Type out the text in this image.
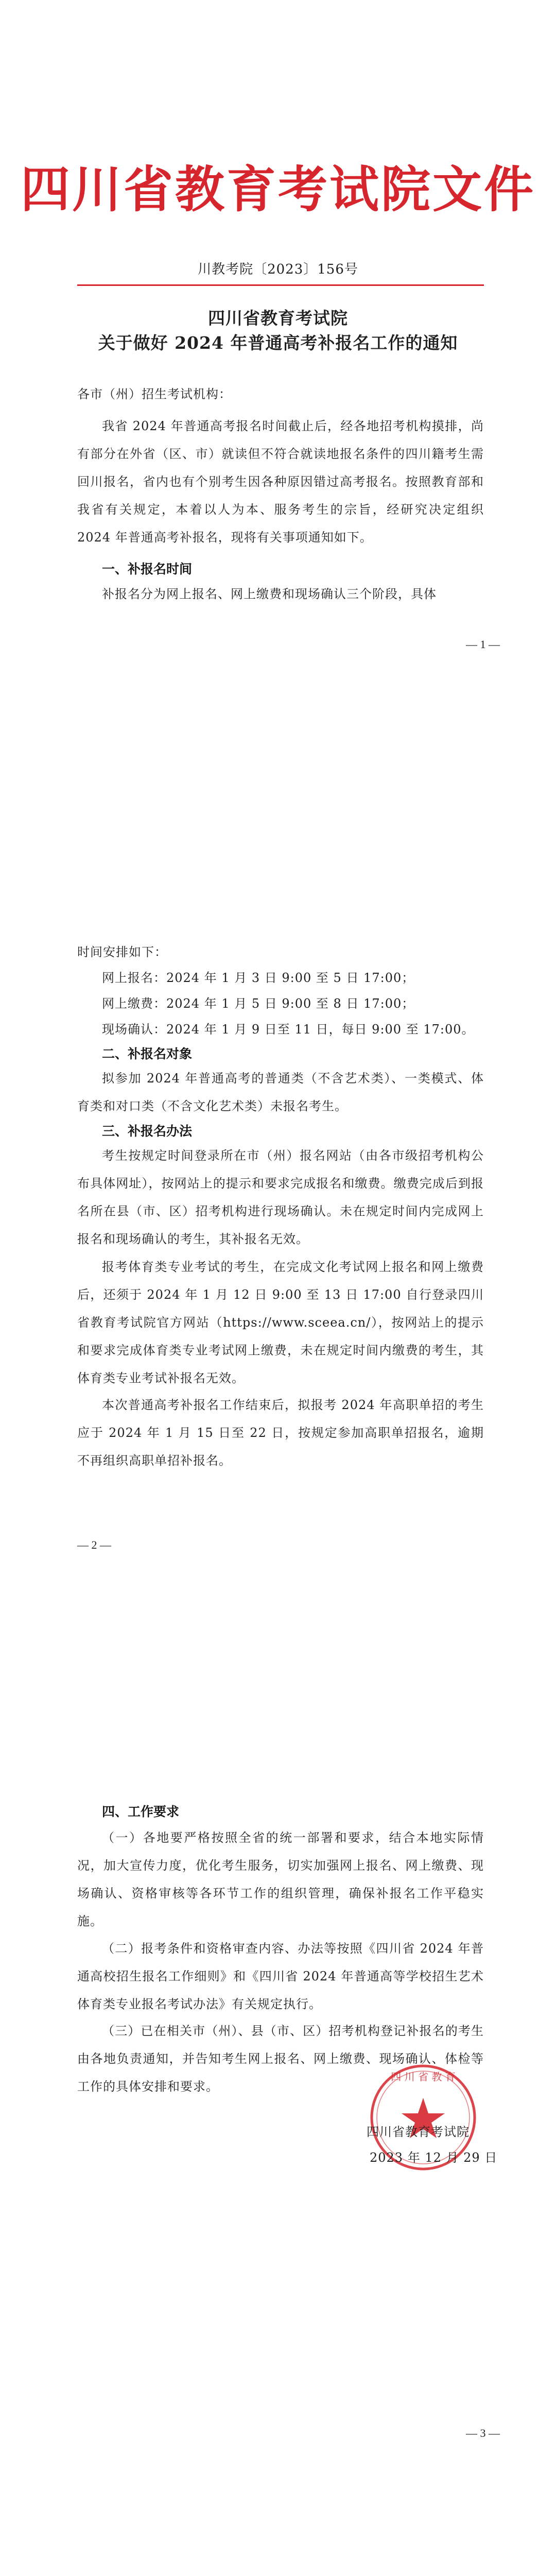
四川省教育考试院文件
川教考院〔2023〕156号
四川省教育考试院
关于做好 2024 年普通高考补报名工作的通知
各市（州）招生考试机构：

我省 2024 年普通高考报名时间截止后，经各地招考机构摸排，尚有部分在外省（区、市）就读但不符合就读地报名条件的四川籍考生需回川报名，省内也有个别考生因各种原因错过高考报名。按照教育部和我省有关规定，本着以人为本、服务考生的宗旨，经研究决定组织 2024 年普通高考补报名，现将有关事项通知如下。

一、补报名时间

补报名分为网上报名、网上缴费和现场确认三个阶段，具体

— 1 —
时间安排如下：
网上报名：2024 年 1 月 3 日 9:00 至 5 日 17:00；
网上缴费：2024 年 1 月 5 日 9:00 至 8 日 17:00；
现场确认：2024 年 1 月 9 日至 11 日，每日 9:00 至 17:00。
二、补报名对象

拟参加 2024 年普通高考的普通类（不含艺术类）、一类模式、体育类和对口类（不含文化艺术类）未报名考生。

三、补报名办法

考生按规定时间登录所在市（州）报名网站（由各市级招考机构公布具体网址），按网站上的提示和要求完成报名和缴费。缴费完成后到报名所在县（市、区）招考机构进行现场确认。未在规定时间内完成网上报名和现场确认的考生，其补报名无效。

报考体育类专业考试的考生，在完成文化考试网上报名和网上缴费后，还须于 2024 年 1 月 12 日 9:00 至 13 日 17:00 自行登录四川省教育考试院官方网站（https://www.sceea.cn/），按网站上的提示和要求完成体育类专业考试网上缴费，未在规定时间内缴费的考生，其体育类专业考试补报名无效。

本次普通高考补报名工作结束后，拟报考 2024 年高职单招的考生应于 2024 年 1 月 15 日至 22 日，按规定参加高职单招报名，逾期不再组织高职单招补报名。

— 2 —
四、工作要求

（一）各地要严格按照全省的统一部署和要求，结合本地实际情况，加大宣传力度，优化考生服务，切实加强网上报名、网上缴费、现场确认、资格审核等各环节工作的组织管理，确保补报名工作平稳实施。

（二）报考条件和资格审查内容、办法等按照《四川省 2024 年普通高校招生报名工作细则》和《四川省 2024 年普通高等学校招生艺术体育类专业报名考试办法》有关规定执行。

（三）已在相关市（州）、县（市、区）招考机构登记补报名的考生由各地负责通知，并告知考生网上报名、网上缴费、现场确认、体检等工作的具体安排和要求。

四 川 省 教 育
四川省教育考试院
2023 年 12 月 29 日
— 3 —
